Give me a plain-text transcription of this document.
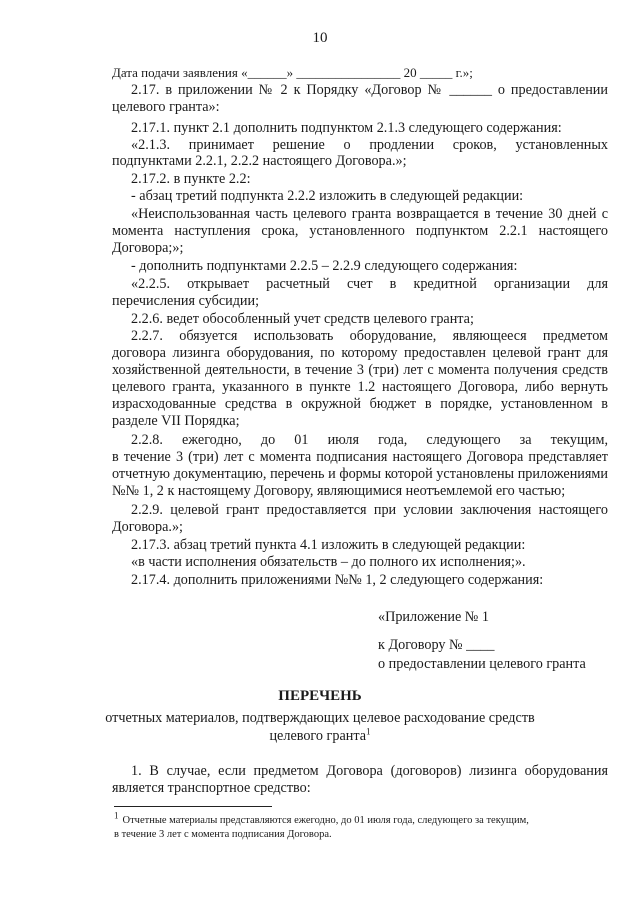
10
Дата подачи заявления «______» ________________ 20 _____ г.»;
2.17. в приложении № 2 к Порядку «Договор № ______ о предоставлении
целевого гранта»:
2.17.1. пункт 2.1 дополнить подпунктом 2.1.3 следующего содержания:
«2.1.3. принимает решение о продлении сроков, установленных
подпунктами 2.2.1, 2.2.2 настоящего Договора.»;
2.17.2. в пункте 2.2:
- абзац третий подпункта 2.2.2 изложить в следующей редакции:
«Неиспользованная часть целевого гранта возвращается в течение 30 дней с
момента наступления срока, установленного подпунктом 2.2.1 настоящего
Договора;»;
- дополнить подпунктами 2.2.5 – 2.2.9 следующего содержания:
«2.2.5. открывает расчетный счет в кредитной организации для
перечисления субсидии;
2.2.6. ведет обособленный учет средств целевого гранта;
2.2.7. обязуется использовать оборудование, являющееся предметом
договора лизинга оборудования, по которому предоставлен целевой грант для
хозяйственной деятельности, в течение 3 (три) лет с момента получения средств
целевого гранта, указанного в пункте 1.2 настоящего Договора, либо вернуть
израсходованные средства в окружной бюджет в порядке, установленном в
разделе VII Порядка;
2.2.8. ежегодно, до 01 июля года, следующего за текущим,
в течение 3 (три) лет с момента подписания настоящего Договора представляет
отчетную документацию, перечень и формы которой установлены приложениями
№№ 1, 2 к настоящему Договору, являющимися неотъемлемой его частью;
2.2.9. целевой грант предоставляется при условии заключения настоящего
Договора.»;
2.17.3. абзац третий пункта 4.1 изложить в следующей редакции:
«в части исполнения обязательств – до полного их исполнения;».
2.17.4. дополнить приложениями №№ 1, 2 следующего содержания:
«Приложение № 1
к Договору № ____
о предоставлении целевого гранта
ПЕРЕЧЕНЬ
отчетных материалов, подтверждающих целевое расходование средств
целевого гранта$^1$
1. В случае, если предметом Договора (договоров) лизинга оборудования
является транспортное средство:
$^1$ Отчетные материалы представляются ежегодно, до 01 июля года, следующего за текущим,
в течение 3 лет с момента подписания Договора.
